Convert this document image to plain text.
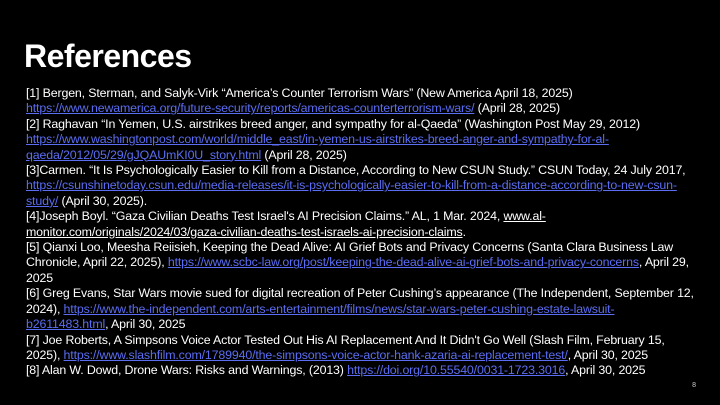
References

[1] Bergen, Sterman, and Salyk-Virk “America’s Counter Terrorism Wars” (New America April 18, 2025) https://www.newamerica.org/future-security/reports/americas-counterterrorism-wars/ (April 28, 2025)

[2] Raghavan “In Yemen, U.S. airstrikes breed anger, and sympathy for al-Qaeda” (Washington Post May 29, 2012) https://www.washingtonpost.com/world/middle_east/in-yemen-us-airstrikes-breed-anger-and-sympathy-for-al-qaeda/2012/05/29/gJQAUmKI0U_story.html (April 28, 2025)

[3]Carmen. “It Is Psychologically Easier to Kill from a Distance, According to New CSUN Study.” CSUN Today, 24 July 2017, https://csunshinetoday.csun.edu/media-releases/it-is-psychologically-easier-to-kill-from-a-distance-according-to-new-csun-study/ (April 30, 2025).

[4]Joseph Boyl. “Gaza Civilian Deaths Test Israel's AI Precision Claims.” AL, 1 Mar. 2024, www.al-monitor.com/originals/2024/03/gaza-civilian-deaths-test-israels-ai-precision-claims.

[5] Qianxi Loo, Meesha Reiisieh, Keeping the Dead Alive: AI Grief Bots and Privacy Concerns (Santa Clara Business Law Chronicle, April 22, 2025), https://www.scbc-law.org/post/keeping-the-dead-alive-ai-grief-bots-and-privacy-concerns, April 29, 2025

[6] Greg Evans, Star Wars movie sued for digital recreation of Peter Cushing’s appearance (The Independent, September 12, 2024), https://www.the-independent.com/arts-entertainment/films/news/star-wars-peter-cushing-estate-lawsuit-b2611483.html, April 30, 2025

[7] Joe Roberts, A Simpsons Voice Actor Tested Out His AI Replacement And It Didn't Go Well (Slash Film, February 15, 2025), https://www.slashfilm.com/1789940/the-simpsons-voice-actor-hank-azaria-ai-replacement-test/, April 30, 2025

[8] Alan W. Dowd, Drone Wars: Risks and Warnings, (2013) https://doi.org/10.55540/0031-1723.3016, April 30, 2025

8
